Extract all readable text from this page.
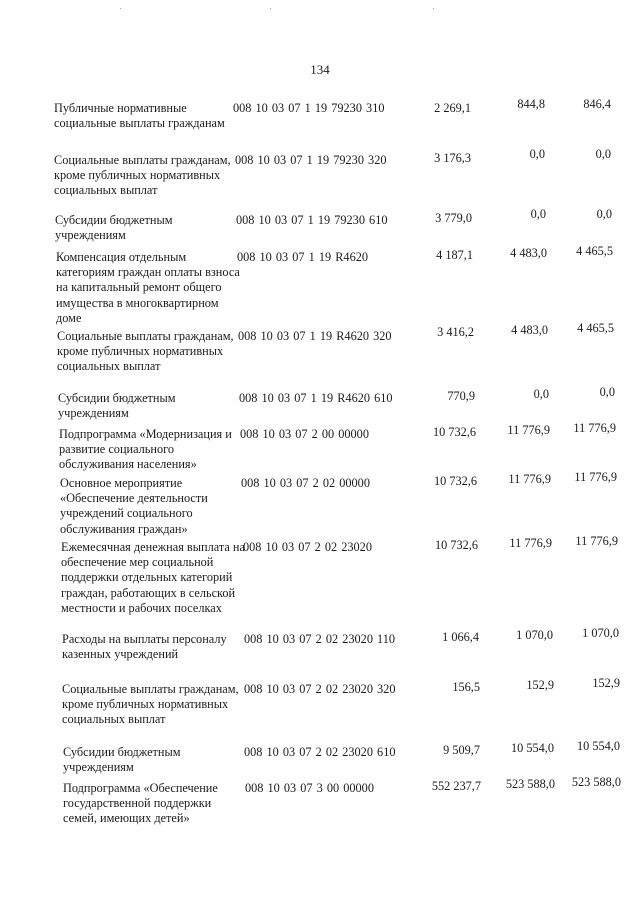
134
Публичные нормативные социальные выплаты гражданам
008 10 03 07 1 19 79230 310	2 269,1	844,8	846,4
Социальные выплаты гражданам, кроме публичных нормативных социальных выплат
008 10 03 07 1 19 79230 320	3 176,3	0,0	0,0
Субсидии бюджетным учреждениям
008 10 03 07 1 19 79230 610	3 779,0	0,0	0,0
Компенсация отдельным категориям граждан оплаты взноса на капитальный ремонт общего имущества в многоквартирном доме
008 10 03 07 1 19 R4620	4 187,1	4 483,0	4 465,5
Социальные выплаты гражданам, кроме публичных нормативных социальных выплат
008 10 03 07 1 19 R4620 320	3 416,2	4 483,0	4 465,5
Субсидии бюджетным учреждениям
008 10 03 07 1 19 R4620 610	770,9	0,0	0,0
Подпрограмма «Модернизация и развитие социального обслуживания населения»
008 10 03 07 2 00 00000	10 732,6	11 776,9	11 776,9
Основное мероприятие «Обеспечение деятельности учреждений социального обслуживания граждан»
008 10 03 07 2 02 00000	10 732,6	11 776,9	11 776,9
Ежемесячная денежная выплата на обеспечение мер социальной поддержки отдельных категорий граждан, работающих в сельской местности и рабочих поселках
008 10 03 07 2 02 23020	10 732,6	11 776,9	11 776,9
Расходы на выплаты персоналу казенных учреждений
008 10 03 07 2 02 23020 110	1 066,4	1 070,0	1 070,0
Социальные выплаты гражданам, кроме публичных нормативных социальных выплат
008 10 03 07 2 02 23020 320	156,5	152,9	152,9
Субсидии бюджетным учреждениям
008 10 03 07 2 02 23020 610	9 509,7	10 554,0	10 554,0
Подпрограмма «Обеспечение государственной поддержки семей, имеющих детей»
008 10 03 07 3 00 00000	552 237,7	523 588,0	523 588,0
